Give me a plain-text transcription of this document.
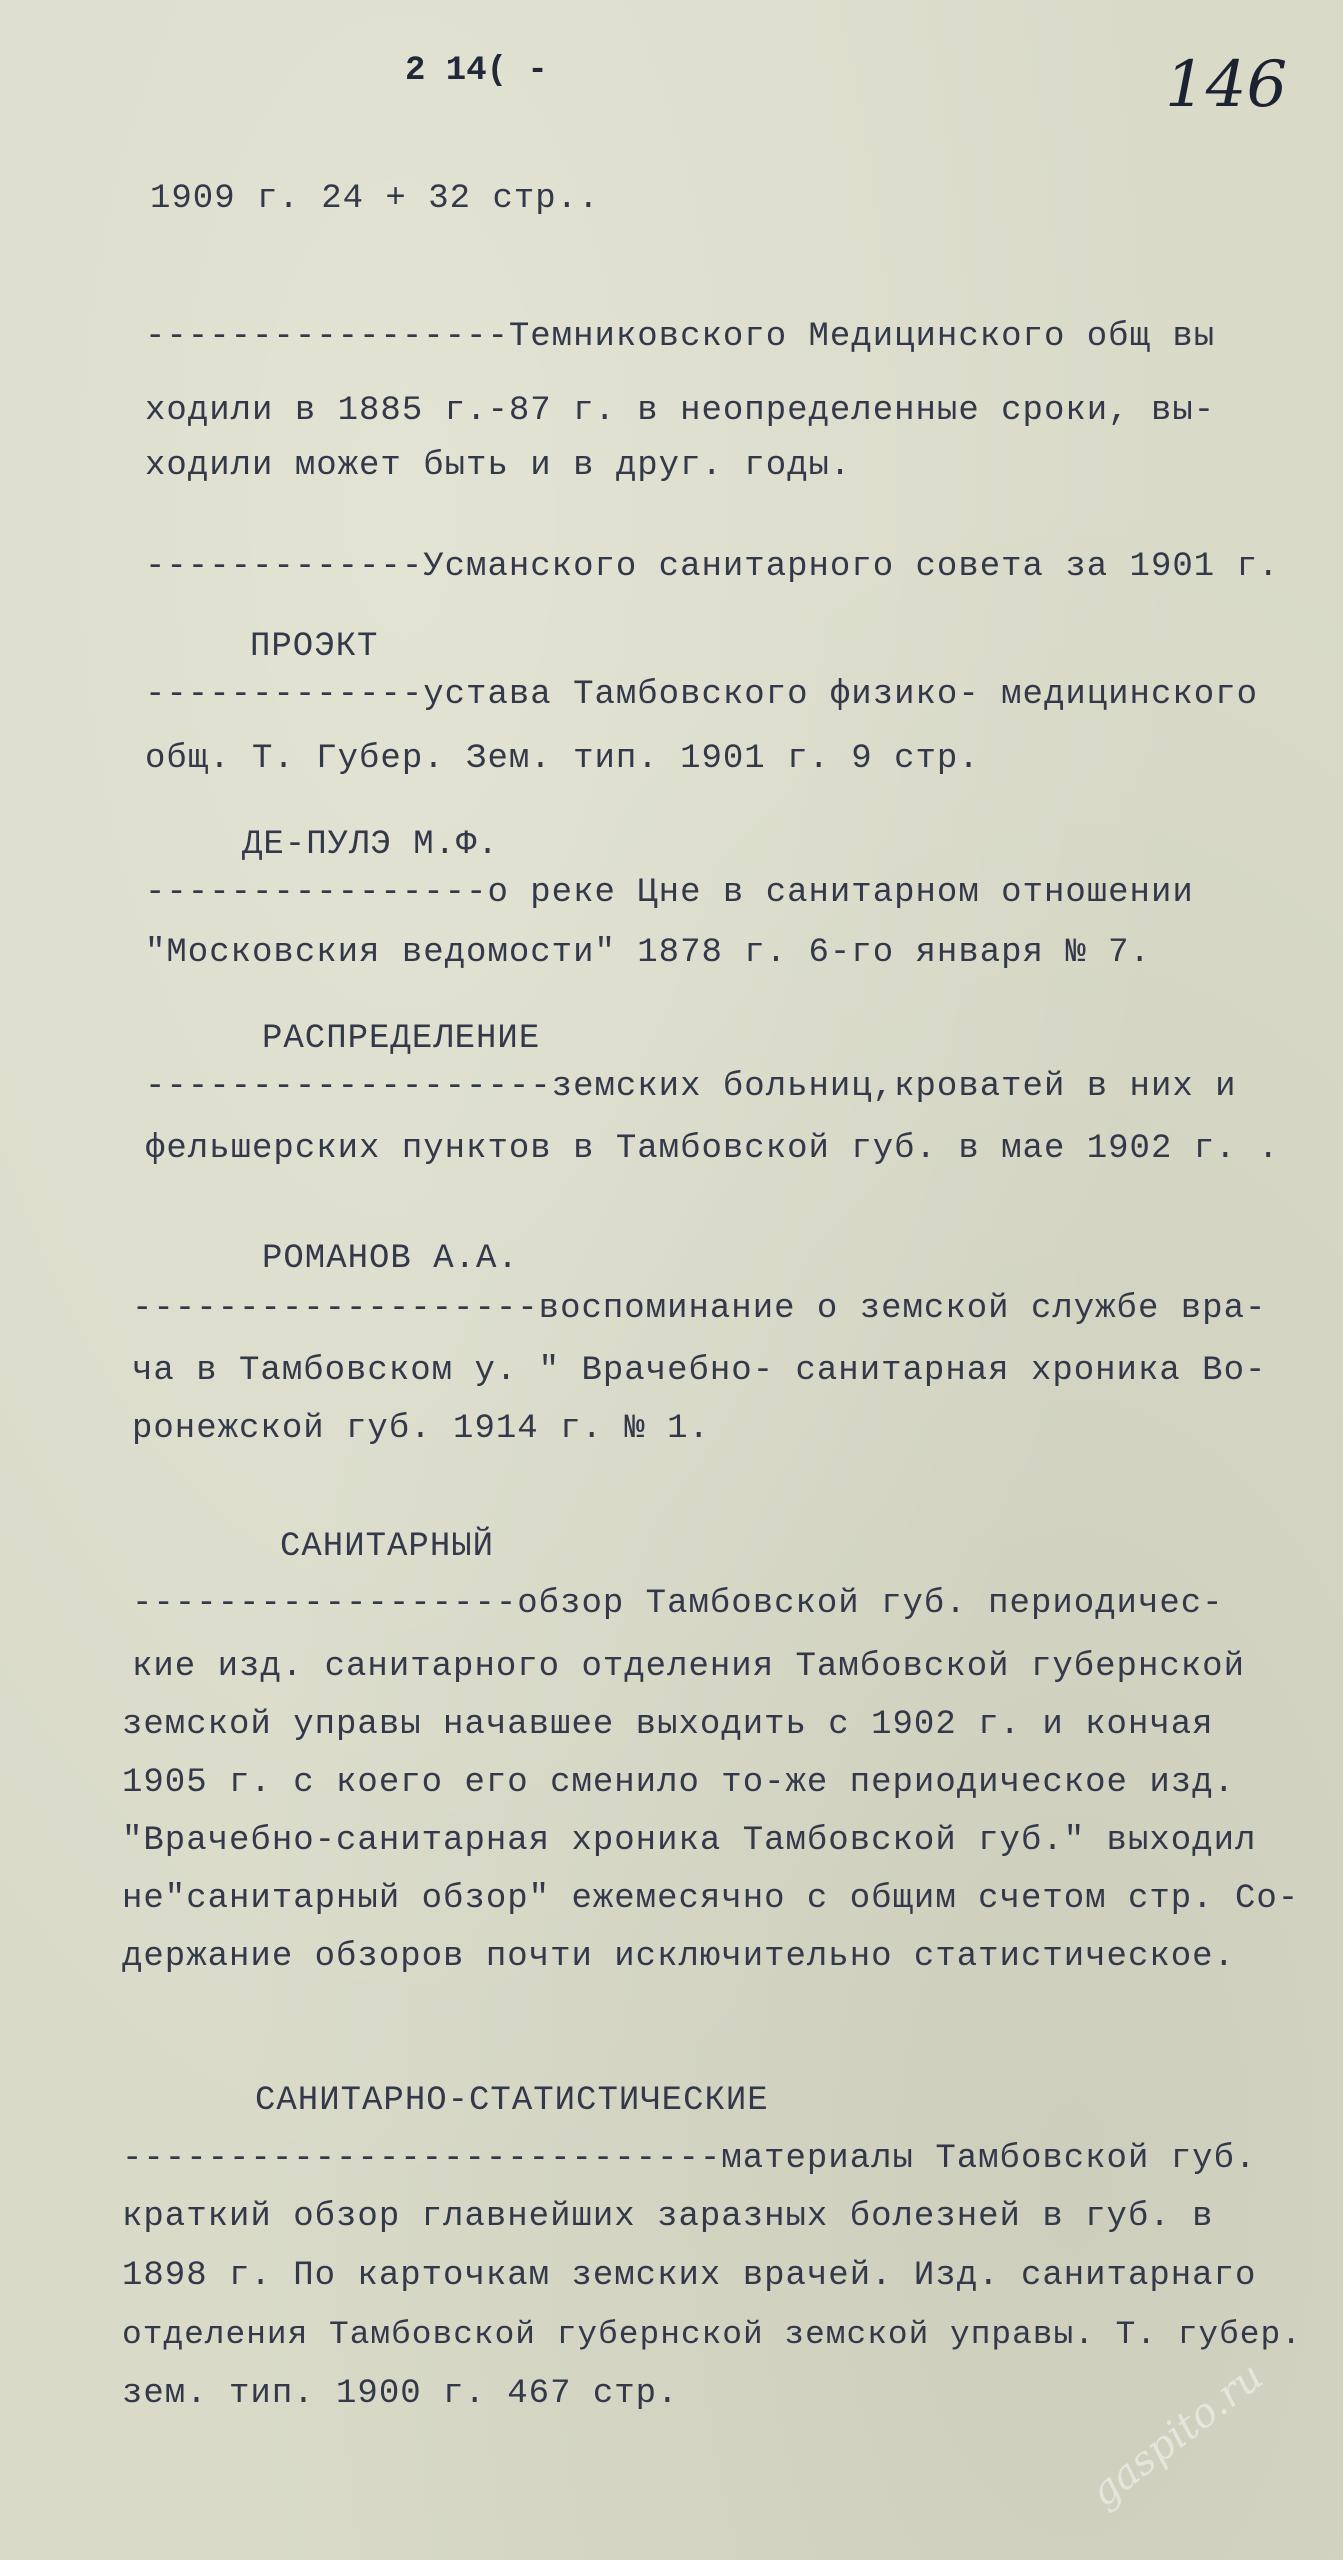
2 14( -	146
1909 г. 24 + 32 стр..
-----------------Темниковского Медицинского общ вы
ходили в 1885 г.-87 г. в неопределенные сроки, вы-
ходили может быть и в друг. годы.
-------------Усманского санитарного совета за 1901 г.
ПРОЭКТ
-------------устава Тамбовского физико- медицинского
общ. Т. Губер. Зем. тип. 1901 г. 9 стр.
ДЕ-ПУЛЭ М.Ф.
----------------о реке Цне в санитарном отношении
"Московския ведомости" 1878 г. 6-го января № 7.
РАСПРЕДЕЛЕНИЕ
-------------------земских больниц,кроватей в них и
фельшерских пунктов в Тамбовской губ. в мае 1902 г. .
РОМАНОВ А.А.
-------------------воспоминание о земской службе вра-
ча в Тамбовском у. " Врачебно- санитарная хроника Во-
ронежской губ. 1914 г. № 1.
САНИТАРНЫЙ
------------------обзор Тамбовской губ. периодичес-
кие изд. санитарного отделения Тамбовской губернской
земской управы начавшее выходить с 1902 г. и кончая
1905 г. с коего его сменило то-же периодическое изд.
"Врачебно-санитарная хроника Тамбовской губ." выходил
не"санитарный обзор" ежемесячно с общим счетом стр. Со-
держание обзоров почти исключительно статистическое.
САНИТАРНО-СТАТИСТИЧЕСКИЕ
----------------------------материалы Тамбовской губ.
краткий обзор главнейших заразных болезней в губ. в
1898 г. По карточкам земских врачей. Изд. санитарнаго
отделения Тамбовской губернской земской управы. Т. губер.
зем. тип. 1900 г. 467 стр.	gaspito.ru
